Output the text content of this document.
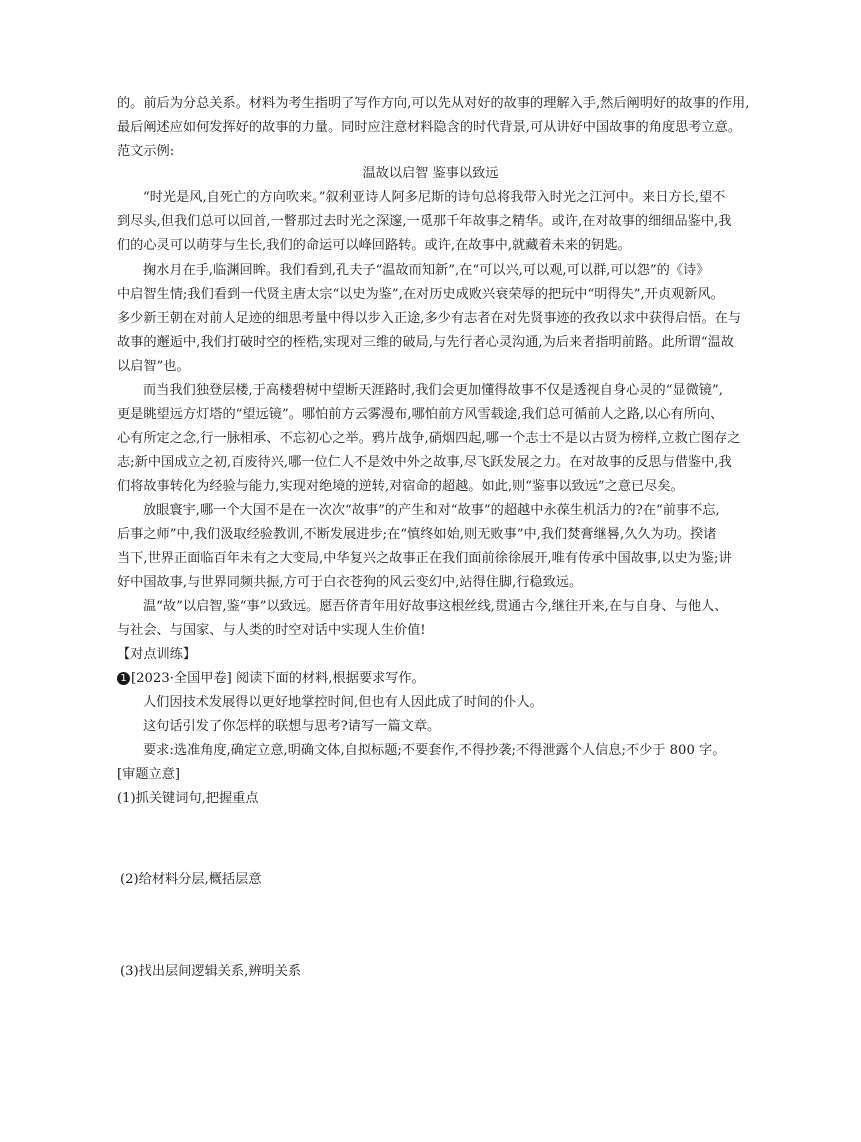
的。前后为分总关系。材料为考生指明了写作方向,可以先从对好的故事的理解入手,然后阐明好的故事的作用,
最后阐述应如何发挥好的故事的力量。同时应注意材料隐含的时代背景,可从讲好中国故事的角度思考立意。
范文示例:
温故以启智 鉴事以致远
“时光是风,自死亡的方向吹来。”叙利亚诗人阿多尼斯的诗句总将我带入时光之江河中。来日方长,望不
到尽头,但我们总可以回首,一瞥那过去时光之深邃,一觅那千年故事之精华。或许,在对故事的细细品鉴中,我
们的心灵可以萌芽与生长,我们的命运可以峰回路转。或许,在故事中,就藏着未来的钥匙。
掬水月在手,临渊回眸。我们看到,孔夫子“温故而知新”,在“可以兴,可以观,可以群,可以怨”的《诗》
中启智生情;我们看到一代贤主唐太宗“以史为鉴”,在对历史成败兴衰荣辱的把玩中“明得失”,开贞观新风。
多少新王朝在对前人足迹的细思考量中得以步入正途,多少有志者在对先贤事迹的孜孜以求中获得启悟。在与
故事的邂逅中,我们打破时空的桎梏,实现对三维的破局,与先行者心灵沟通,为后来者指明前路。此所谓“温故
以启智”也。
而当我们独登层楼,于高楼碧树中望断天涯路时,我们会更加懂得故事不仅是透视自身心灵的“显微镜”,
更是眺望远方灯塔的“望远镜”。哪怕前方云雾漫布,哪怕前方风雪载途,我们总可循前人之路,以心有所向、
心有所定之念,行一脉相承、不忘初心之举。鸦片战争,硝烟四起,哪一个志士不是以古贤为榜样,立救亡图存之
志;新中国成立之初,百废待兴,哪一位仁人不是效中外之故事,尽飞跃发展之力。在对故事的反思与借鉴中,我
们将故事转化为经验与能力,实现对绝境的逆转,对宿命的超越。如此,则“鉴事以致远”之意已尽矣。
放眼寰宇,哪一个大国不是在一次次“故事”的产生和对“故事”的超越中永葆生机活力的?在“前事不忘,
后事之师”中,我们汲取经验教训,不断发展进步;在“慎终如始,则无败事”中,我们焚膏继晷,久久为功。揆诸
当下,世界正面临百年未有之大变局,中华复兴之故事正在我们面前徐徐展开,唯有传承中国故事,以史为鉴;讲
好中国故事,与世界同频共振,方可于白衣苍狗的风云变幻中,站得住脚,行稳致远。
温“故”以启智,鉴“事”以致远。愿吾侪青年用好故事这根丝线,贯通古今,继往开来,在与自身、与他人、
与社会、与国家、与人类的时空对话中实现人生价值!
【对点训练】
1 [2023·全国甲卷] 阅读下面的材料,根据要求写作。
人们因技术发展得以更好地掌控时间,但也有人因此成了时间的仆人。
这句话引发了你怎样的联想与思考?请写一篇文章。
要求:选准角度,确定立意,明确文体,自拟标题;不要套作,不得抄袭;不得泄露个人信息;不少于 800 字。
[审题立意]
(1)抓关键词句,把握重点
(2)给材料分层,概括层意
(3)找出层间逻辑关系,辨明关系
